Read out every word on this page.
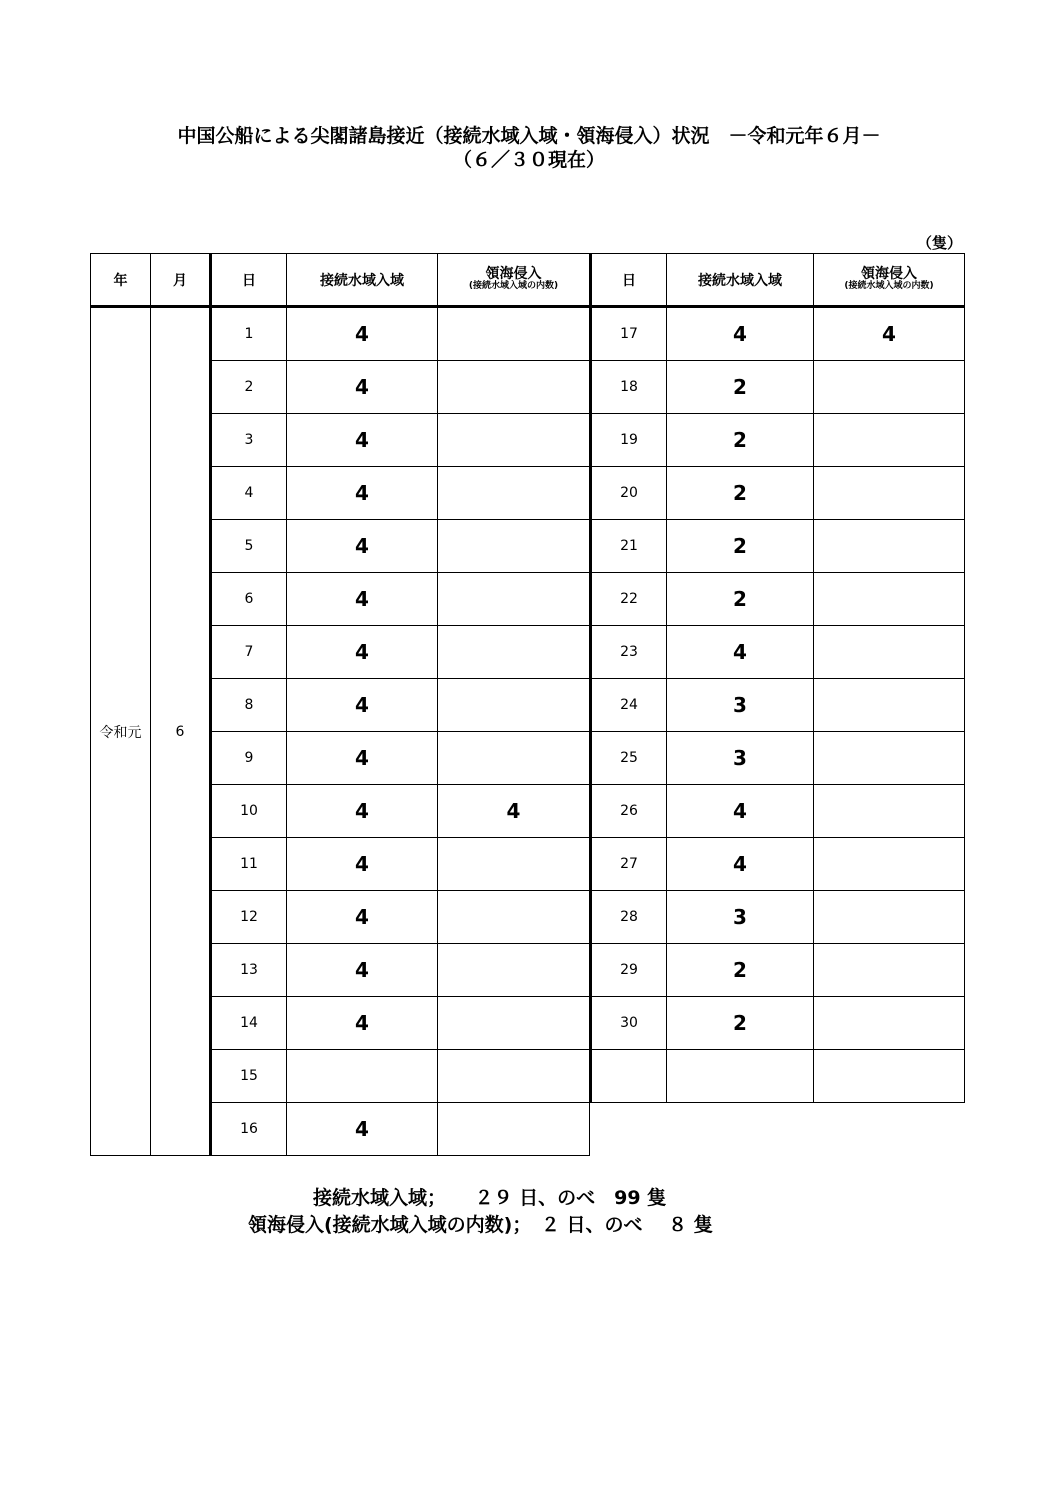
中国公船による尖閣諸島接近（接続水域入域・領海侵入）状況　－令和元年６月－
（６／３０現在）
（隻）
年	月	日	接続水域入域	領海侵入
(接続水域入域の内数)

令和元	6	1	4	
		2	4	
		3	4	
		4	4	
		5	4	
		6	4	
		7	4	
		8	4	
		9	4	
		10	4	4
		11	4	
		12	4	
		13	4	
		14	4	
		15		
		16	4	
日	接続水域入域	領海侵入
(接続水域入域の内数)

17	4	4
18	2	
19	2	
20	2	
21	2	
22	2	
23	4	
24	3	
25	3	
26	4	
27	4	
28	3	
29	2	
30	2	

接続水域入域；　　２９ 日、のべ　99 隻
領海侵入(接続水域入域の内数)；　２ 日、のべ　 ８ 隻
